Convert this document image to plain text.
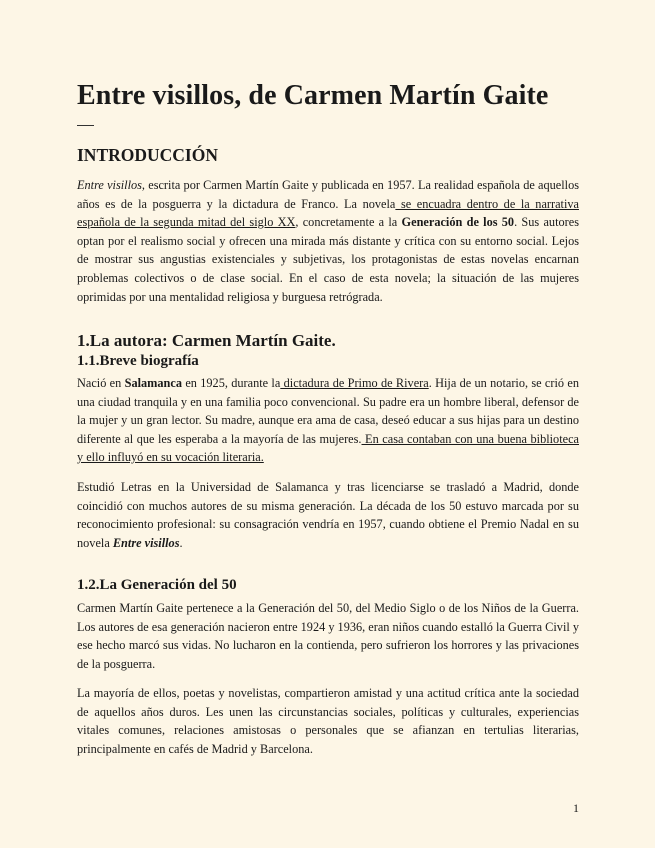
Entre visillos, de Carmen Martín Gaite
INTRODUCCIÓN

Entre visillos, escrita por Carmen Martín Gaite y publicada en 1957. La realidad española de aquellos años es de la posguerra y la dictadura de Franco. La novela se encuadra dentro de la narrativa española de la segunda mitad del siglo XX, concretamente a la Generación de los 50. Sus autores optan por el realismo social y ofrecen una mirada más distante y crítica con su entorno social. Lejos de mostrar sus angustias existenciales y subjetivas, los protagonistas de estas novelas encarnan problemas colectivos o de clase social. En el caso de esta novela; la situación de las mujeres oprimidas por una mentalidad religiosa y burguesa retrógrada.

1.La autora: Carmen Martín Gaite.
1.1.Breve biografía

Nació en Salamanca en 1925, durante la dictadura de Primo de Rivera. Hija de un notario, se crió en una ciudad tranquila y en una familia poco convencional. Su padre era un hombre liberal, defensor de la mujer y un gran lector. Su madre, aunque era ama de casa, deseó educar a sus hijas para un destino diferente al que les esperaba a la mayoría de las mujeres. En casa contaban con una buena biblioteca y ello influyó en su vocación literaria.

Estudió Letras en la Universidad de Salamanca y tras licenciarse se trasladó a Madrid, donde coincidió con muchos autores de su misma generación. La década de los 50 estuvo marcada por su reconocimiento profesional: su consagración vendría en 1957, cuando obtiene el Premio Nadal en su novela Entre visillos.

1.2.La Generación del 50

Carmen Martín Gaite pertenece a la Generación del 50, del Medio Siglo o de los Niños de la Guerra. Los autores de esa generación nacieron entre 1924 y 1936, eran niños cuando estalló la Guerra Civil y ese hecho marcó sus vidas. No lucharon en la contienda, pero sufrieron los horrores y las privaciones de la posguerra.

La mayoría de ellos, poetas y novelistas, compartieron amistad y una actitud crítica ante la sociedad de aquellos años duros. Les unen las circunstancias sociales, políticas y culturales, experiencias vitales comunes, relaciones amistosas o personales que se afianzan en tertulias literarias, principalmente en cafés de Madrid y Barcelona.

1
